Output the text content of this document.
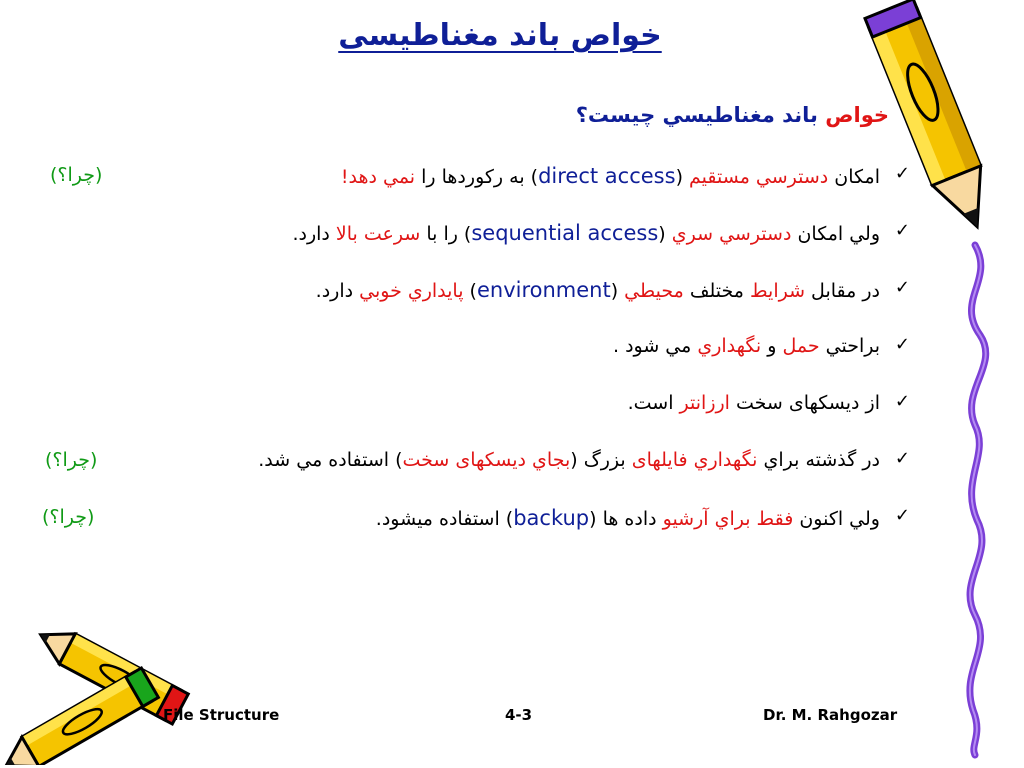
خواص باند مغناطيسی
خواص باند مغناطيسي چيست؟
✓
امكان دسترسي مستقيم (direct access) به ركوردها را نمي دهد!
(چرا؟)
✓
ولي امكان دسترسي سري (sequential access) را با سرعت بالا دارد.
✓
در مقابل شرايط مختلف محيطي (environment) پايداري خوبي دارد.
✓
براحتي حمل و نگهداري مي شود .
✓
از دیسکهای سخت ارزانتر است.
✓
در گذشته براي نگهداري فايلهای بزرگ (بجاي دیسکهای سخت) استفاده مي شد.
(چرا؟)
✓
ولي اكنون فقط براي آرشيو داده ها (backup) استفاده ميشود.
(چرا؟)
File Structure	4-3	Dr. M. Rahgozar
